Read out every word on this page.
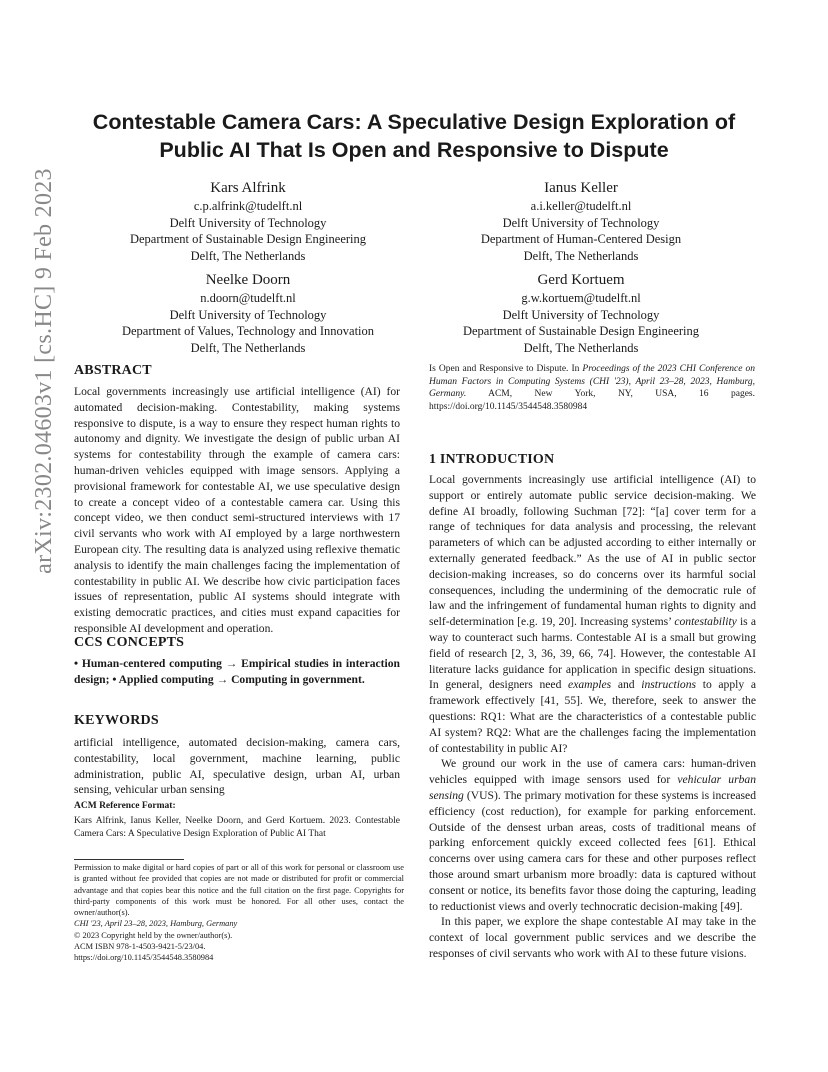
arXiv:2302.04603v1 [cs.HC] 9 Feb 2023
Contestable Camera Cars: A Speculative Design Exploration of
Public AI That Is Open and Responsive to Dispute
Kars Alfrink
c.p.alfrink@tudelft.nl
Delft University of Technology
Department of Sustainable Design Engineering
Delft, The Netherlands
Ianus Keller
a.i.keller@tudelft.nl
Delft University of Technology
Department of Human-Centered Design
Delft, The Netherlands
Neelke Doorn
n.doorn@tudelft.nl
Delft University of Technology
Department of Values, Technology and Innovation
Delft, The Netherlands
Gerd Kortuem
g.w.kortuem@tudelft.nl
Delft University of Technology
Department of Sustainable Design Engineering
Delft, The Netherlands
ABSTRACT
Local governments increasingly use artificial intelligence (AI) for automated decision-making. Contestability, making systems responsive to dispute, is a way to ensure they respect human rights to autonomy and dignity. We investigate the design of public urban AI systems for contestability through the example of camera cars: human-driven vehicles equipped with image sensors. Applying a provisional framework for contestable AI, we use speculative design to create a concept video of a contestable camera car. Using this concept video, we then conduct semi-structured interviews with 17 civil servants who work with AI employed by a large northwestern European city. The resulting data is analyzed using reflexive thematic analysis to identify the main challenges facing the implementation of contestability in public AI. We describe how civic participation faces issues of representation, public AI systems should integrate with existing democratic practices, and cities must expand capacities for responsible AI development and operation.
CCS CONCEPTS
• Human-centered computing → Empirical studies in interaction design; • Applied computing → Computing in government.
KEYWORDS
artificial intelligence, automated decision-making, camera cars, contestability, local government, machine learning, public administration, public AI, speculative design, urban AI, urban sensing, vehicular urban sensing
ACM Reference Format:
Kars Alfrink, Ianus Keller, Neelke Doorn, and Gerd Kortuem. 2023. Contestable Camera Cars: A Speculative Design Exploration of Public AI That
Permission to make digital or hard copies of part or all of this work for personal or classroom use is granted without fee provided that copies are not made or distributed for profit or commercial advantage and that copies bear this notice and the full citation on the first page. Copyrights for third-party components of this work must be honored. For all other uses, contact the owner/author(s).
CHI '23, April 23–28, 2023, Hamburg, Germany
© 2023 Copyright held by the owner/author(s).
ACM ISBN 978-1-4503-9421-5/23/04.
https://doi.org/10.1145/3544548.3580984
Is Open and Responsive to Dispute. In Proceedings of the 2023 CHI Conference on Human Factors in Computing Systems (CHI '23), April 23–28, 2023, Hamburg, Germany. ACM, New York, NY, USA, 16 pages. https://doi.org/10.1145/3544548.3580984
1 INTRODUCTION

Local governments increasingly use artificial intelligence (AI) to support or entirely automate public service decision-making. We define AI broadly, following Suchman [72]: “[a] cover term for a range of techniques for data analysis and processing, the relevant parameters of which can be adjusted according to either internally or externally generated feedback.” As the use of AI in public sector decision-making increases, so do concerns over its harmful social consequences, including the undermining of the democratic rule of law and the infringement of fundamental human rights to dignity and self-determination [e.g. 19, 20]. Increasing systems’ contestability is a way to counteract such harms. Contestable AI is a small but growing field of research [2, 3, 36, 39, 66, 74]. However, the contestable AI literature lacks guidance for application in specific design situations. In general, designers need examples and instructions to apply a framework effectively [41, 55]. We, therefore, seek to answer the questions: RQ1: What are the characteristics of a contestable public AI system? RQ2: What are the challenges facing the implementation of contestability in public AI?

We ground our work in the use of camera cars: human-driven vehicles equipped with image sensors used for vehicular urban sensing (VUS). The primary motivation for these systems is increased efficiency (cost reduction), for example for parking enforcement. Outside of the densest urban areas, costs of traditional means of parking enforcement quickly exceed collected fees [61]. Ethical concerns over using camera cars for these and other purposes reflect those around smart urbanism more broadly: data is captured without consent or notice, its benefits favor those doing the capturing, leading to reductionist views and overly technocratic decision-making [49].

In this paper, we explore the shape contestable AI may take in the context of local government public services and we describe the responses of civil servants who work with AI to these future visions.
